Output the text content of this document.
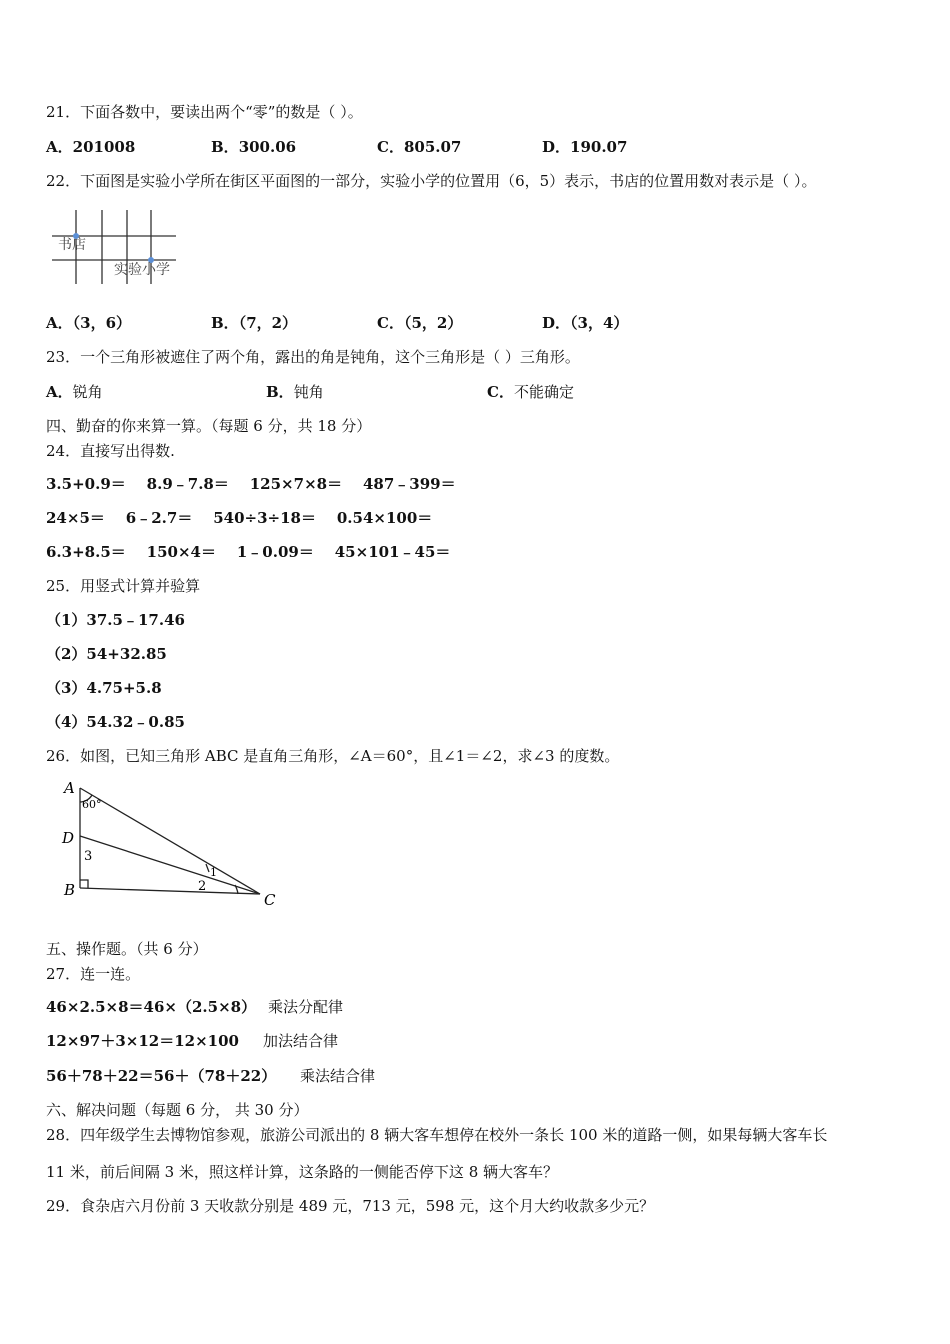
21．下面各数中，要读出两个“零”的数是（ ）。
A．201008	B．300.06	C．805.07	D．190.07
22．下面图是实验小学所在街区平面图的一部分，实验小学的位置用（6，5）表示，书店的位置用数对表示是（ ）。
书店
实验小学
A．（3，6）	B．（7，2）	C．（5，2）	D．（3，4）
23．一个三角形被遮住了两个角，露出的角是钝角，这个三角形是（ ）三角形。
A．锐角	B．钝角	C．不能确定
四、勤奋的你来算一算。（每题 6 分，共 18 分）
24．直接写出得数.
3.5+0.9＝ 8.9﹣7.8＝ 125×7×8＝ 487﹣399＝
24×5＝ 6﹣2.7＝ 540÷3÷18＝ 0.54×100＝
6.3+8.5＝ 150×4＝ 1﹣0.09＝ 45×101﹣45＝
25．用竖式计算并验算
（1）37.5﹣17.46
（2）54+32.85
（3）4.75+5.8
（4）54.32﹣0.85
26．如图，已知三角形 ABC 是直角三角形，∠A＝60°，且∠1＝∠2，求∠3 的度数。
A
60°
D
3
B	2
1
C
五、操作题。（共 6 分）
27．连一连。
46×2.5×8＝46×（2.5×8） 乘法分配律
12×97＋3×12＝12×100 加法结合律
56＋78＋22＝56＋（78＋22） 乘法结合律
六、解决问题（每题 6 分， 共 30 分）
28．四年级学生去博物馆参观，旅游公司派出的 8 辆大客车想停在校外一条长 100 米的道路一侧，如果每辆大客车长
11 米，前后间隔 3 米，照这样计算，这条路的一侧能否停下这 8 辆大客车？
29．食杂店六月份前 3 天收款分别是 489 元，713 元，598 元，这个月大约收款多少元？
